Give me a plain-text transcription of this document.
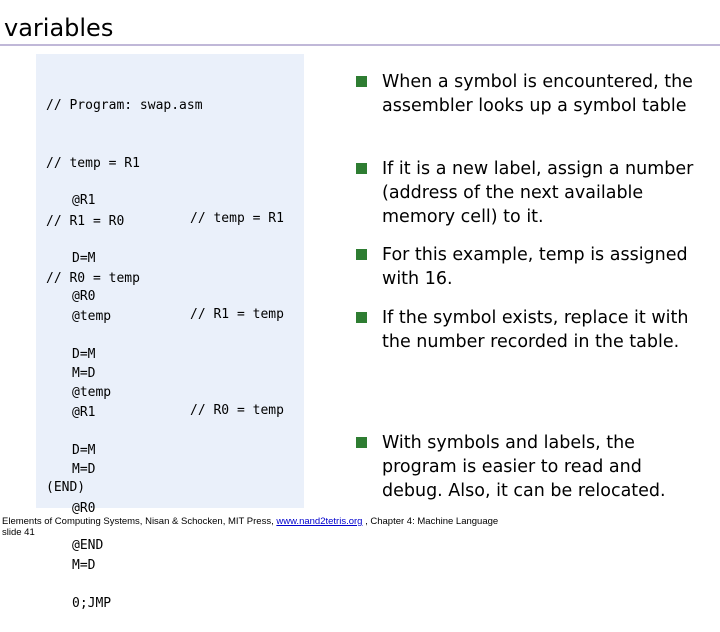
variables

// Program: swap.asm

// temp = R1

// R1 = R0

// R0 = temp

@R1

D=M

@temp

M=D

// temp = R1

@R0

D=M

@R1

M=D

// R1 = temp

@temp

D=M

@R0

M=D

// R0 = temp

(END)

@END

0;JMP

When a symbol is encountered, the assembler looks up a symbol table
If it is a new label, assign a number (address of the next available memory cell) to it.
For this example, temp is assigned with 16.
If the symbol exists, replace it with the number recorded in the table.
With symbols and labels, the program is easier to read and debug. Also, it can be relocated.
Elements of Computing Systems, Nisan & Schocken, MIT Press, www.nand2tetris.org , Chapter 4: Machine Language
slide 41
